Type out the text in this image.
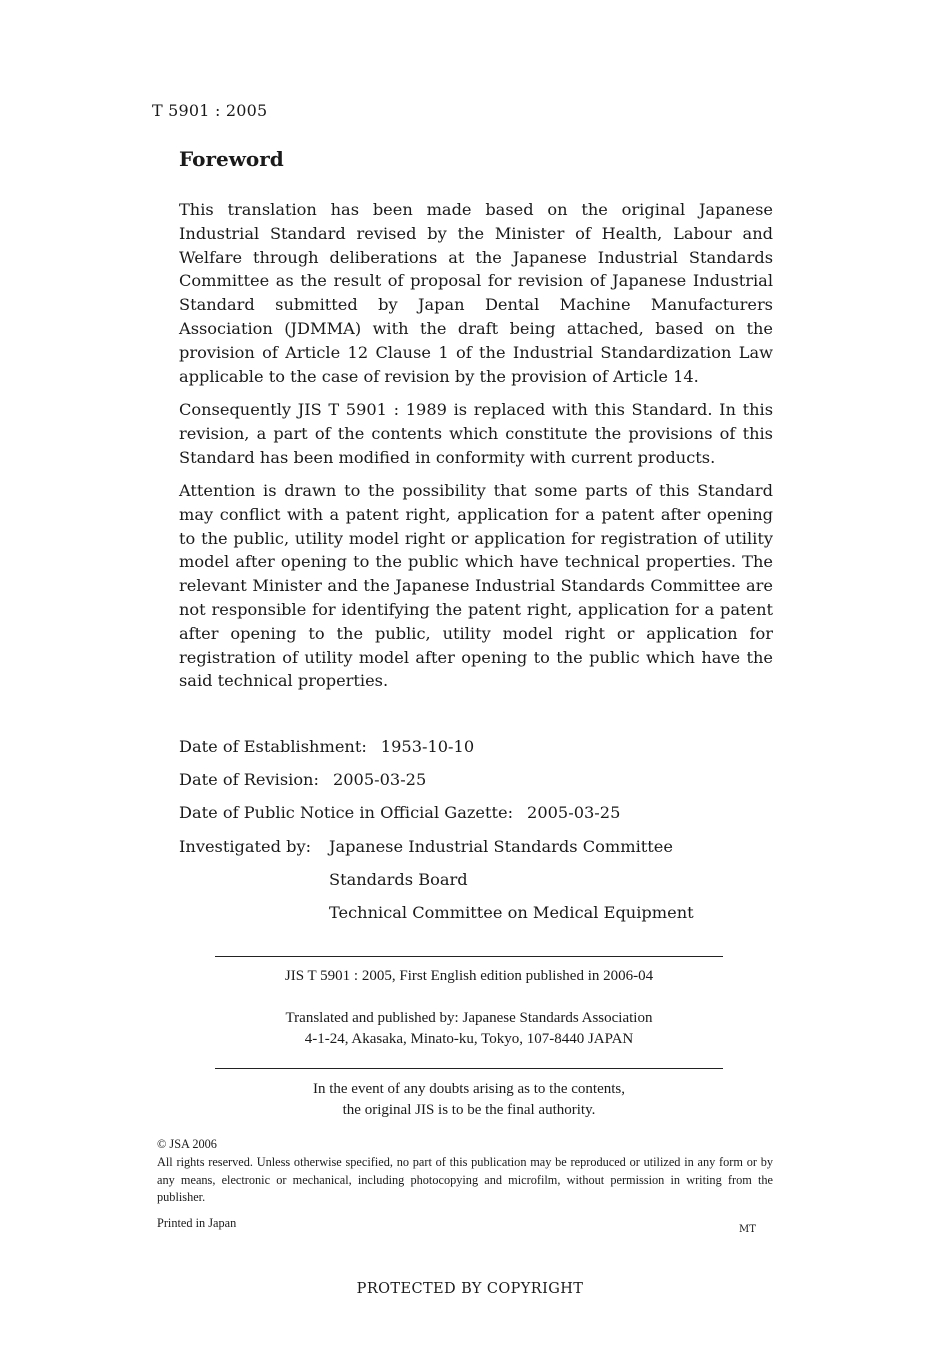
T 5901 : 2005
Foreword

This translation has been made based on the original Japanese Industrial Standard revised by the Minister of Health, Labour and Welfare through deliberations at the Japanese Industrial Standards Committee as the result of proposal for revision of Japanese Industrial Standard submitted by Japan Dental Machine Manufacturers Association (JDMMA) with the draft being attached, based on the provision of Article 12 Clause 1 of the Industrial Standardization Law applicable to the case of revision by the provision of Article 14.

Consequently JIS T 5901 : 1989 is replaced with this Standard. In this revision, a part of the contents which constitute the provisions of this Standard has been modified in conformity with current products.

Attention is drawn to the possibility that some parts of this Standard may conflict with a patent right, application for a patent after opening to the public, utility model right or application for registration of utility model after opening to the public which have technical properties. The relevant Minister and the Japanese Industrial Standards Committee are not responsible for identifying the patent right, application for a patent after opening to the public, utility model right or application for registration of utility model after opening to the public which have the said technical properties.

Date of Establishment: 1953-10-10
Date of Revision: 2005-03-25
Date of Public Notice in Official Gazette: 2005-03-25
Investigated by: Japanese Industrial Standards Committee
Standards Board
Technical Committee on Medical Equipment
JIS T 5901 : 2005, First English edition published in 2006-04
Translated and published by: Japanese Standards Association
4-1-24, Akasaka, Minato-ku, Tokyo, 107-8440 JAPAN
In the event of any doubts arising as to the contents,
the original JIS is to be the final authority.
© JSA 2006

All rights reserved. Unless otherwise specified, no part of this publication may be reproduced or utilized in any form or by any means, electronic or mechanical, including photocopying and microfilm, without permission in writing from the publisher.

Printed in Japan	MT
PROTECTED BY COPYRIGHT
